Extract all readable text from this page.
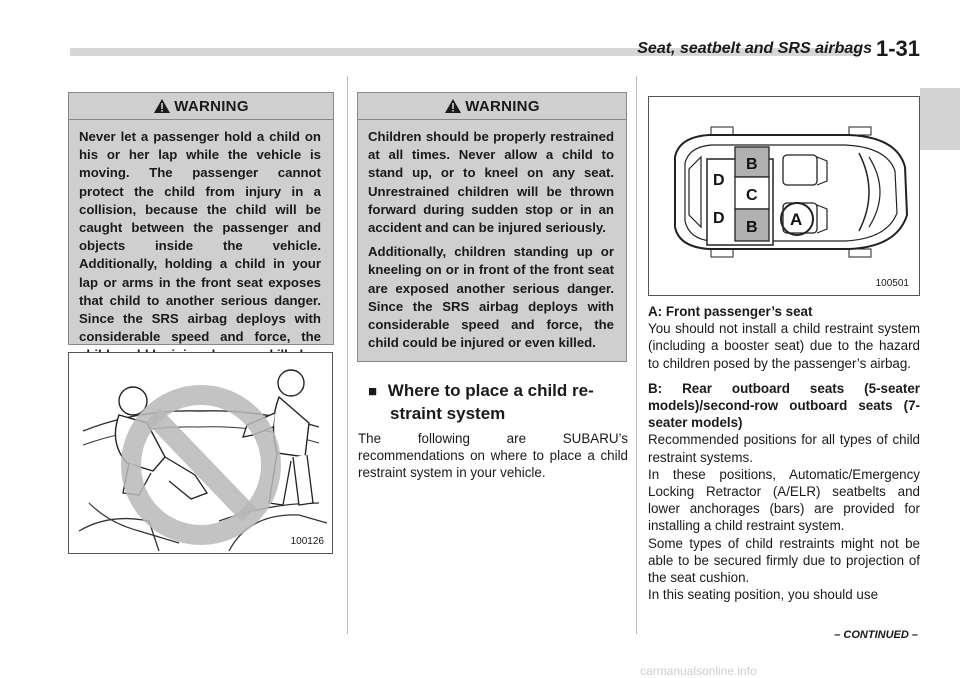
Seat, seatbelt and SRS airbags 1-31
WARNING

Never let a passenger hold a child on his or her lap while the vehicle is moving. The passenger cannot protect the child from injury in a collision, because the child will be caught between the passenger and objects inside the vehicle. Additionally, holding a child in your lap or arms in the front seat exposes that child to another serious danger. Since the SRS airbag deploys with considerable speed and force, the

100126
WARNING

Children should be properly restrained at all times. Never allow a child to stand up, or to kneel on any seat. Unrestrained children will be thrown forward during sudden stop or in an accident and can be injured seriously.

Additionally, children standing up or kneeling on or in front of the front seat are exposed another serious danger. Since the SRS airbag deploys with considerable speed and force, the child could be injured or even killed.

■ Where to place a child re-
straint system

The following are SUBARU’s recommendations on where to place a child restraint system in your vehicle.

D
D
B
C
B A
100501

A: Front passenger’s seat
You should not install a child restraint system (including a booster seat) due to the hazard to children posed by the passenger’s airbag.

B: Rear outboard seats (5-seater models)/second-row outboard seats (7-seater models)
Recommended positions for all types of child restraint systems.
In these positions, Automatic/Emergency Locking Retractor (A/ELR) seatbelts and lower anchorages (bars) are provided for installing a child restraint system.
Some types of child restraints might not be able to be secured firmly due to projection of the seat cushion.
In this seating position, you should use

– CONTINUED –
carmanualsonline.info
